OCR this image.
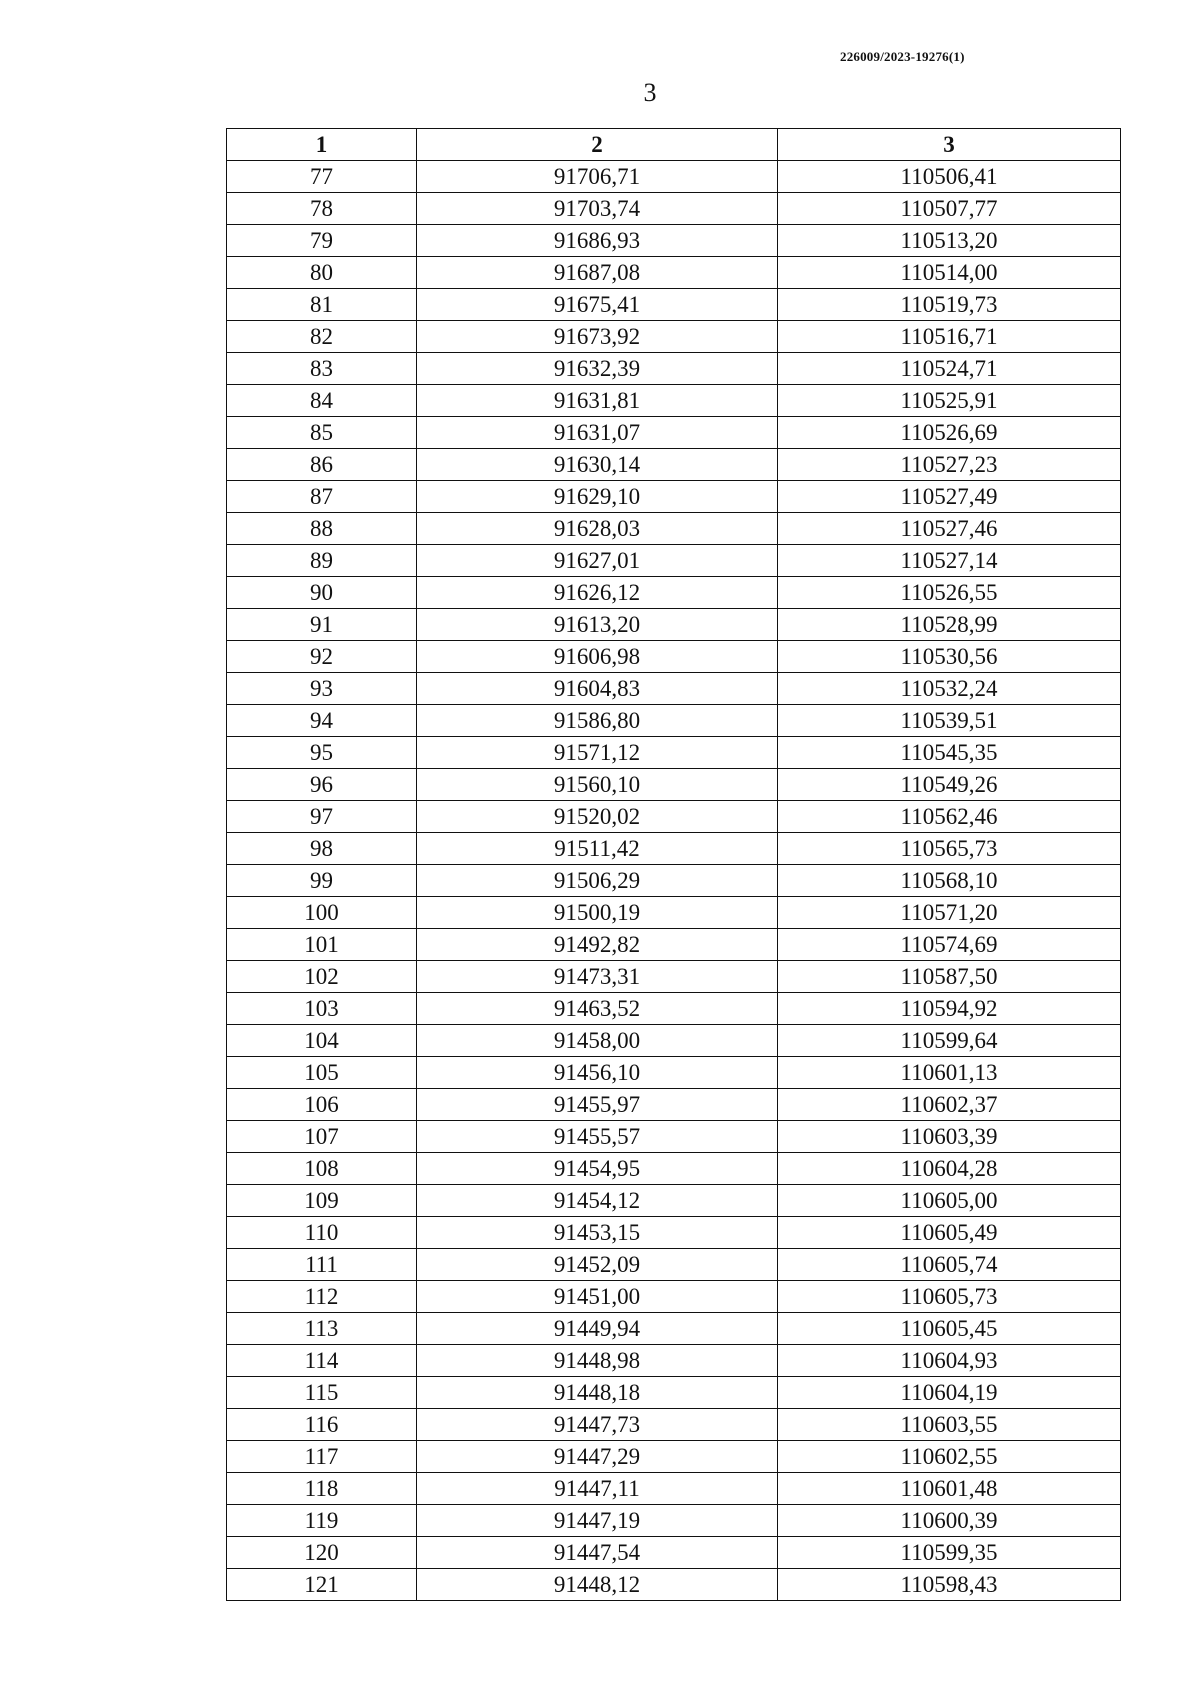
226009/2023-19276(1)
3
1	2	3
77	91706,71	110506,41
78	91703,74	110507,77
79	91686,93	110513,20
80	91687,08	110514,00
81	91675,41	110519,73
82	91673,92	110516,71
83	91632,39	110524,71
84	91631,81	110525,91
85	91631,07	110526,69
86	91630,14	110527,23
87	91629,10	110527,49
88	91628,03	110527,46
89	91627,01	110527,14
90	91626,12	110526,55
91	91613,20	110528,99
92	91606,98	110530,56
93	91604,83	110532,24
94	91586,80	110539,51
95	91571,12	110545,35
96	91560,10	110549,26
97	91520,02	110562,46
98	91511,42	110565,73
99	91506,29	110568,10
100	91500,19	110571,20
101	91492,82	110574,69
102	91473,31	110587,50
103	91463,52	110594,92
104	91458,00	110599,64
105	91456,10	110601,13
106	91455,97	110602,37
107	91455,57	110603,39
108	91454,95	110604,28
109	91454,12	110605,00
110	91453,15	110605,49
111	91452,09	110605,74
112	91451,00	110605,73
113	91449,94	110605,45
114	91448,98	110604,93
115	91448,18	110604,19
116	91447,73	110603,55
117	91447,29	110602,55
118	91447,11	110601,48
119	91447,19	110600,39
120	91447,54	110599,35
121	91448,12	110598,43
